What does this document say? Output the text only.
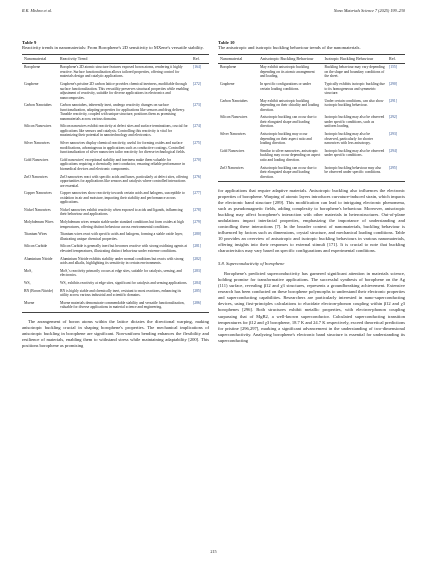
R.K. Mishra et al.	Nano Materials Science 7 (2025) 199–230
Table 9
Reactivity trends in nanomaterials: From Borophene's 2D sensitivity to MXene's versatile stability.
Nanomaterial	Reactivity Trend	Ref.
Borophene	Borophene's 2D atomic structure features exposed boron atoms, rendering it highly reactive. Surface functionalization allows tailored properties, offering control for materials design and catalytic applications.	[164]
Graphene	Graphene's pristine 2D carbon lattice provides chemical inertness, modifiable through surface functionalization. This versatility preserves structural properties while enabling adjustment of reactivity, suitable for diverse applications in electronics and nanocomposites.	[272]
Carbon Nanotubes	Carbon nanotubes, inherently inert, undergo reactivity changes on surface functionalization, adapting properties for applications like sensors and drug delivery. Tunable reactivity, coupled with unique structure, positions them as promising nanomaterials across various domains.	[273]
Silicon Nanowires	Silicon nanowires exhibit reactivity at defect sites and surface terminations, crucial for applications like sensors and catalysis. Controlling this reactivity is vital for maximizing their potential in nanotechnology and electronics.	[274]
Silver Nanowires	Silver nanowires display chemical reactivity, useful for forming oxides and surface modifications, advantageous in applications such as conductive coatings. Controlled functionalization of silver nanowires tailor reactivity for diverse technological fields.	[275]
Gold Nanowires	Gold nanowires' exceptional stability and inertness make them valuable for applications requiring a chemically inert conductor, ensuring reliable performance in biomedical devices and electronic components.	[270]
ZnO Nanowires	ZnO nanowires react with specific acids and bases, particularly at defect sites, offering opportunities for applications like sensors and catalysis where controlled interactions are essential.	[276]
Copper Nanowires	Copper nanowires show reactivity towards certain acids and halogens, susceptible to oxidation in air and moisture, impacting their stability and performance across applications.	[277]
Nickel Nanowires	Nickel nanowires exhibit reactivity when exposed to acids and ligands, influencing their behaviour and applications.	[278]
Molybdenum Wires	Molybdenum wires remain stable under standard conditions but form oxides at high temperatures, offering distinct behaviour across environmental conditions.	[279]
Titanium Wires	Titanium wires react with specific acids and halogens, forming a stable oxide layer, illustrating unique chemical properties.	[280]
Silicon Carbide	Silicon Carbide is generally inert but becomes reactive with strong oxidising agents at elevated temperatures, illustrating distinct behaviour under extreme conditions.	[281]
Aluminium Nitride	Aluminium Nitride exhibits stability under normal conditions but reacts with strong acids and alkalis, highlighting its sensitivity in certain environments.	[282]
MoS₂	MoS₂'s reactivity primarily occurs at edge sites, suitable for catalysis, sensing, and electronics.	[283]
WS₂	WS₂ exhibits reactivity at edge sites, significant for catalysis and sensing applications.	[284]
BN (Boron Nitride)	BN is highly stable and chemically inert, resistant to most reactions, enhancing its utility across various industrial and scientific domains.	[285]
Mxene	Mxene materials demonstrate commendable stability and versatile functionalization, valuable for diverse applications in material science and engineering.	[286]

The arrangement of boron atoms within the lattice dictates the directional warping, making anisotropic buckling crucial in shaping borophene's properties. The mechanical implications of anisotropic buckling in borophene are significant. Non-uniform bending enhances the flexibility and resilience of materials, enabling them to withstand stress while maintaining adaptability [200]. This positions borophene as promising

Table 10
The anisotropic and isotropic buckling behaviour trends of the nanomaterials.
Nanomaterial	Anisotropic Buckling Behaviour	Isotropic Buckling Behaviour	Ref.
Borophene	May exhibit anisotropic buckling depending on its atomic arrangement and loading.	Buckling behaviour may vary depending on the shape and boundary conditions of the sheet.	[155]
Graphene	In specific configurations or under certain loading conditions.	Typically exhibits isotropic buckling due to its homogeneous and symmetric structure.	[290]
Carbon Nanotubes	May exhibit anisotropic buckling depending on their chirality and loading direction.	Under certain conditions, can also show isotropic buckling behaviour.	[291]
Silicon Nanowires	Anisotropic buckling can occur due to their elongated shape and loading direction.	Isotropic buckling may also be observed under specific conditions, such as uniform loading.	[292]
Silver Nanowires	Anisotropic buckling may occur depending on their aspect ratio and loading direction.	Isotropic buckling may also be observed, particularly for shorter nanowires with less anisotropy.	[293]
Gold Nanowires	Similar to silver nanowires, anisotropic buckling may occur depending on aspect ratio and loading direction.	Isotropic buckling may also be observed under specific conditions.	[294]
ZnO Nanowires	Anisotropic buckling can occur due to their elongated shape and loading direction.	Isotropic buckling behaviour may also be observed under specific conditions.	[295]

for applications that require adaptive materials. Anisotropic buckling also influences the electronic properties of borophene. Warping of atomic layers introduces curvature-induced strain, which impacts the electronic band structure [289]. This modification can lead to intriguing electronic phenomena, such as pseudomagnetic fields, adding complexity to borophene's behaviour. Moreover, anisotropic buckling may affect borophene's interaction with other materials in heterostructures. Out-of-plane undulations impact interfacial properties, emphasizing the importance of understanding and controlling these interactions [7]. In the broader context of nanomaterials, buckling behaviour is influenced by factors such as dimensions, crystal structure, and mechanical loading conditions. Table 10 provides an overview of anisotropic and isotropic buckling behaviours in various nanomaterials, offering insights into their responses to external stimuli [171]. It is crucial to note that buckling characteristics may vary based on specific configurations and experimental conditions.

5.8. Superconductivity of borophene

Borophene's predicted superconductivity has garnered significant attention in materials science, holding promise for transformative applications. The successful synthesis of borophene on the Ag (111) surface, revealing β12 and χ3 structures, represents a groundbreaking achievement. Extensive research has been conducted on these borophene polymorphs to understand their electronic properties and superconducting capabilities. Researchers are particularly interested in nano-superconducting devices, using first-principles calculations to elucidate electron-phonon coupling within β12 and χ3 borophenes [296]. Both structures exhibit metallic properties, with electron-phonon coupling surpassing that of MgB2, a well-known superconductor. Calculated superconducting transition temperatures for β12 and χ3 borophene, 18.7 K and 24.7 K respectively, exceed theoretical predictions for pristine [296,297], marking a significant advancement in the understanding of two-dimensional superconductivity. Analyzing borophene's electronic band structure is essential for understanding its superconducting

215
